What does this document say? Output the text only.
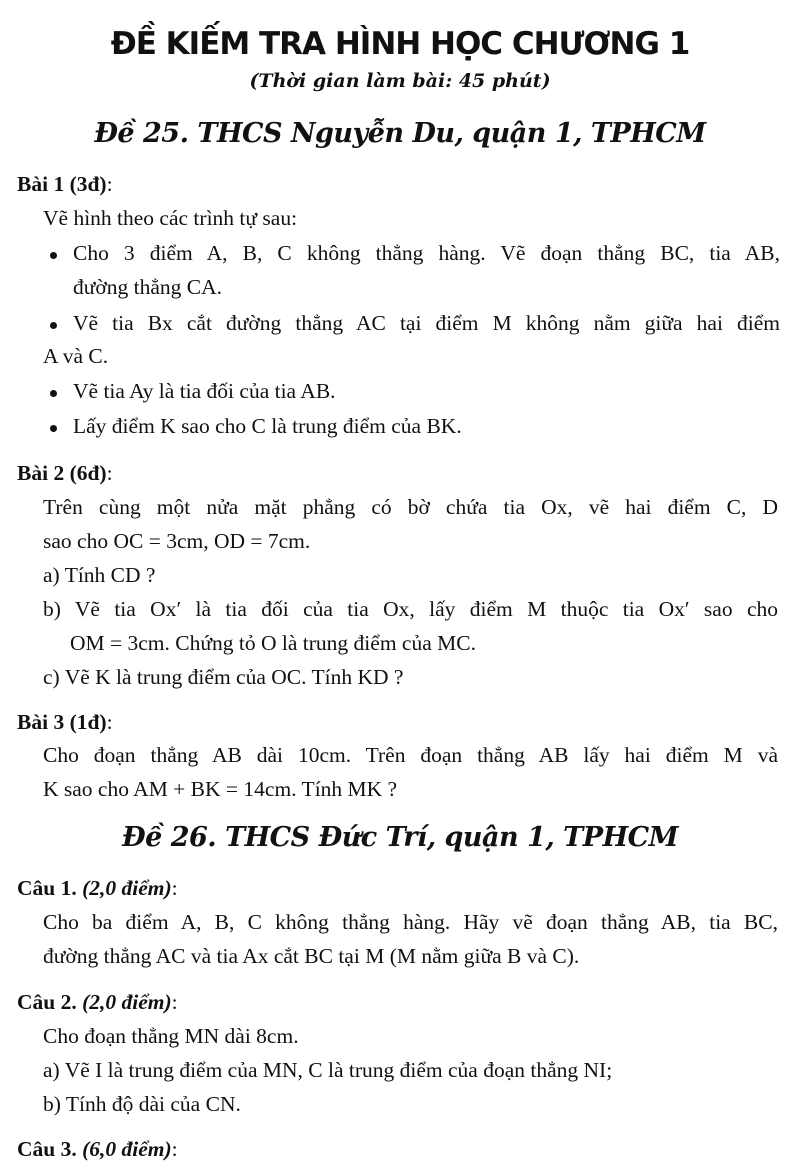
ĐỀ KIẾM TRA HÌNH HỌC CHƯƠNG 1
(Thời gian làm bài: 45 phút)
Đề 25. THCS Nguyễn Du, quận 1, TPHCM
Bài 1 (3đ):
Vẽ hình theo các trình tự sau:
Cho 3 điểm A, B, C không thẳng hàng. Vẽ đoạn thẳng BC, tia AB,
đường thẳng CA.
Vẽ tia Bx cắt đường thẳng AC tại điểm M không nằm giữa hai điểm
A và C.
Vẽ tia Ay là tia đối của tia AB.
Lấy điểm K sao cho C là trung điểm của BK.
Bài 2 (6đ):
Trên cùng một nửa mặt phẳng có bờ chứa tia Ox, vẽ hai điểm C, D
sao cho OC = 3cm, OD = 7cm.
a) Tính CD ?
b) Vẽ tia Ox′ là tia đối của tia Ox, lấy điểm M thuộc tia Ox′ sao cho
OM = 3cm. Chứng tỏ O là trung điểm của MC.
c) Vẽ K là trung điểm của OC. Tính KD ?
Bài 3 (1đ):
Cho đoạn thẳng AB dài 10cm. Trên đoạn thẳng AB lấy hai điểm M và
K sao cho AM + BK = 14cm. Tính MK ?
Đề 26. THCS Đức Trí, quận 1, TPHCM
Câu 1. (2,0 điểm):
Cho ba điểm A, B, C không thẳng hàng. Hãy vẽ đoạn thẳng AB, tia BC,
đường thẳng AC và tia Ax cắt BC tại M (M nằm giữa B và C).
Câu 2. (2,0 điểm):
Cho đoạn thẳng MN dài 8cm.
a) Vẽ I là trung điểm của MN, C là trung điểm của đoạn thẳng NI;
b) Tính độ dài của CN.
Câu 3. (6,0 điểm):
